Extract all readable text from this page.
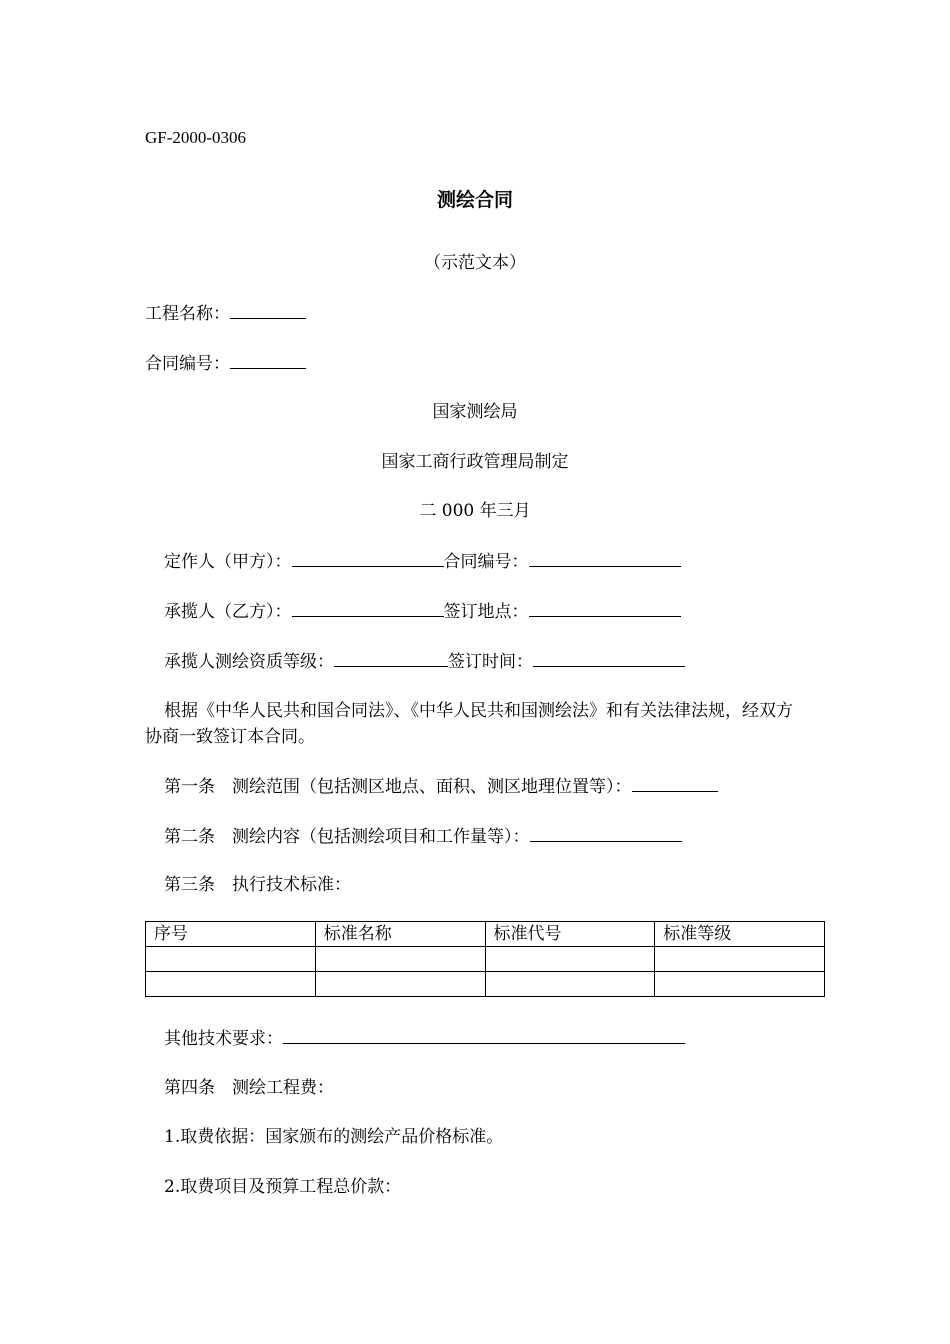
GF-2000-0306
测绘合同
（示范文本）
工程名称：
合同编号：
国家测绘局
国家工商行政管理局制定
二 000 年三月
定作人（甲方）：	合同编号：
承揽人（乙方）：	签订地点：
承揽人测绘资质等级：	签订时间：
根据《中华人民共和国合同法》、《中华人民共和国测绘法》和有关法律法规，经双方协商一致签订本合同。
第一条　测绘范围（包括测区地点、面积、测区地理位置等）：
第二条　测绘内容（包括测绘项目和工作量等）：
第三条　执行技术标准：
序号	标准名称	标准代号	标准等级

其他技术要求：
第四条　测绘工程费：
1.取费依据：国家颁布的测绘产品价格标准。
2.取费项目及预算工程总价款：
